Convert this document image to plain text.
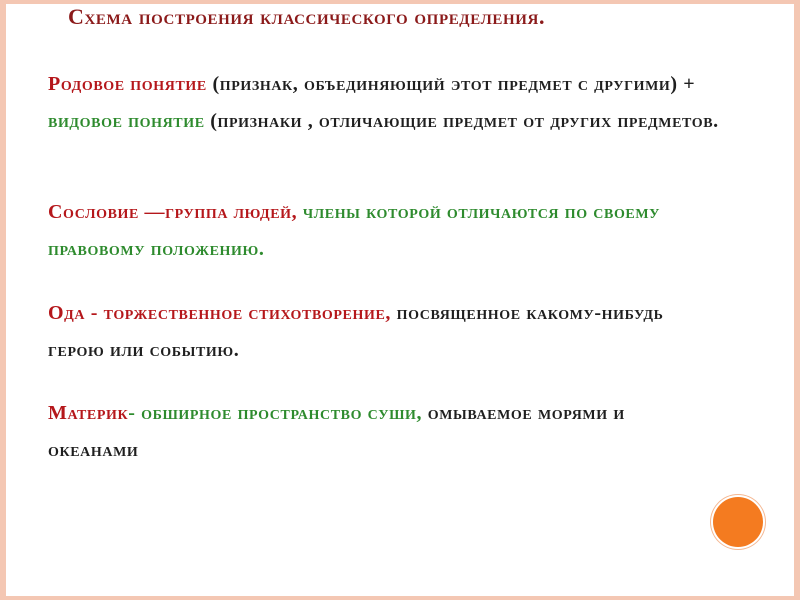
Схема построения классического определения.
Родовое понятие (признак, объединяющий этот предмет с другими) + видовое понятие (признаки , отличающие предмет от других предметов.
Сословие —группа людей, члены которой отличаются по своему правовому положению.
Ода - торжественное стихотворение, посвященное какому-нибудь герою или событию.
Материк- обширное пространство суши, омываемое морями и океанами
